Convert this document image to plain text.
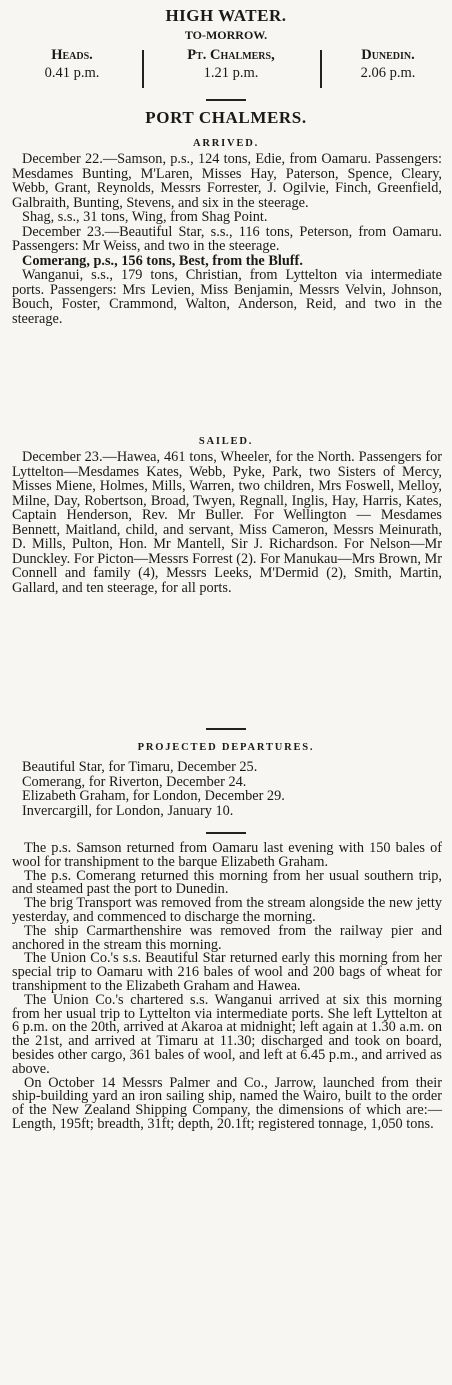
HIGH WATER.
TO-MORROW.
Heads.
0.41 p.m.
Pt. Chalmers,
1.21 p.m.
Dunedin.
2.06 p.m.
PORT CHALMERS.
ARRIVED.

December 22.—Samson, p.s., 124 tons, Edie, from Oamaru. Passengers: Mesdames Bunting, M'Laren, Misses Hay, Paterson, Spence, Cleary, Webb, Grant, Reynolds, Messrs Forrester, J. Ogilvie, Finch, Greenfield, Galbraith, Bunting, Stevens, and six in the steerage.

Shag, s.s., 31 tons, Wing, from Shag Point.

December 23.—Beautiful Star, s.s., 116 tons, Peterson, from Oamaru. Passengers: Mr Weiss, and two in the steerage.

Comerang, p.s., 156 tons, Best, from the Bluff.

Wanganui, s.s., 179 tons, Christian, from Lyttelton via intermediate ports. Passengers: Mrs Levien, Miss Benjamin, Messrs Velvin, Johnson, Bouch, Foster, Crammond, Walton, Anderson, Reid, and two in the steerage.

SAILED.

December 23.—Hawea, 461 tons, Wheeler, for the North. Passengers for Lyttelton—Mesdames Kates, Webb, Pyke, Park, two Sisters of Mercy, Misses Miene, Holmes, Mills, Warren, two children, Mrs Foswell, Melloy, Milne, Day, Robertson, Broad, Twyen, Regnall, Inglis, Hay, Harris, Kates, Captain Henderson, Rev. Mr Buller. For Wellington — Mesdames Bennett, Maitland, child, and servant, Miss Cameron, Messrs Meinurath, D. Mills, Pulton, Hon. Mr Mantell, Sir J. Richardson. For Nelson—Mr Dunckley. For Picton—Messrs Forrest (2). For Manukau—Mrs Brown, Mr Connell and family (4), Messrs Leeks, M'Dermid (2), Smith, Martin, Gallard, and ten steerage, for all ports.

PROJECTED DEPARTURES.
Beautiful Star, for Timaru, December 25.
Comerang, for Riverton, December 24.
Elizabeth Graham, for London, December 29.
Invercargill, for London, January 10.

The p.s. Samson returned from Oamaru last evening with 150 bales of wool for transhipment to the barque Elizabeth Graham.

The p.s. Comerang returned this morning from her usual southern trip, and steamed past the port to Dunedin.

The brig Transport was removed from the stream alongside the new jetty yesterday, and commenced to discharge the morning.

The ship Carmarthenshire was removed from the railway pier and anchored in the stream this morning.

The Union Co.'s s.s. Beautiful Star returned early this morning from her special trip to Oamaru with 216 bales of wool and 200 bags of wheat for transhipment to the Elizabeth Graham and Hawea.

The Union Co.'s chartered s.s. Wanganui arrived at six this morning from her usual trip to Lyttelton via intermediate ports. She left Lyttelton at 6 p.m. on the 20th, arrived at Akaroa at midnight; left again at 1.30 a.m. on the 21st, and arrived at Timaru at 11.30; discharged and took on board, besides other cargo, 361 bales of wool, and left at 6.45 p.m., and arrived as above.

On October 14 Messrs Palmer and Co., Jarrow, launched from their ship-building yard an iron sailing ship, named the Wairo, built to the order of the New Zealand Shipping Company, the dimensions of which are:—Length, 195ft; breadth, 31ft; depth, 20.1ft; registered tonnage, 1,050 tons.
